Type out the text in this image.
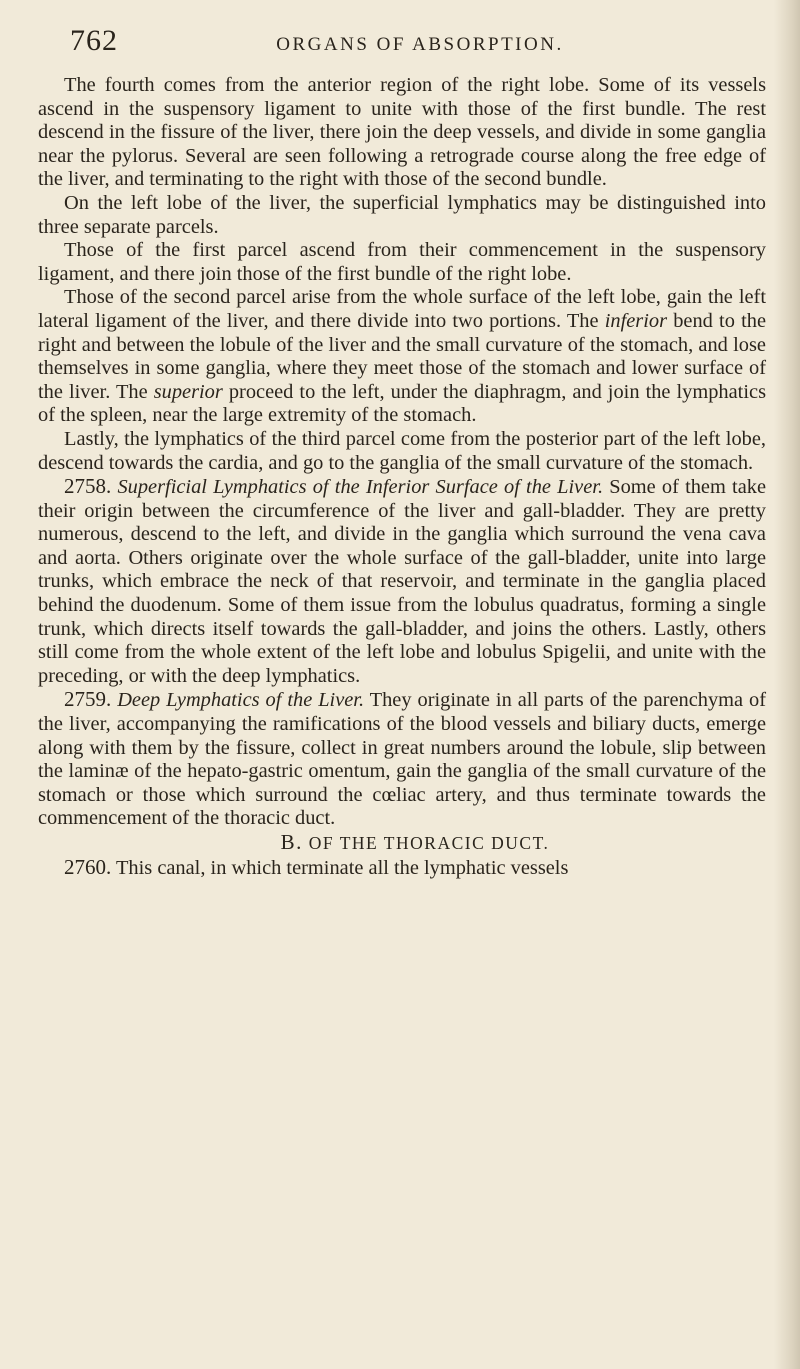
762	ORGANS OF ABSORPTION.

The fourth comes from the anterior region of the right lobe. Some of its vessels ascend in the suspensory ligament to unite with those of the first bundle. The rest descend in the fissure of the liver, there join the deep vessels, and divide in some ganglia near the pylorus. Several are seen following a retrograde course along the free edge of the liver, and terminating to the right with those of the second bundle.

On the left lobe of the liver, the superficial lymphatics may be distinguished into three separate parcels.

Those of the first parcel ascend from their commencement in the suspensory ligament, and there join those of the first bundle of the right lobe.

Those of the second parcel arise from the whole surface of the left lobe, gain the left lateral ligament of the liver, and there divide into two portions. The inferior bend to the right and between the lobule of the liver and the small curvature of the stomach, and lose themselves in some ganglia, where they meet those of the stomach and lower surface of the liver. The superior proceed to the left, under the diaphragm, and join the lymphatics of the spleen, near the large extremity of the stomach.

Lastly, the lymphatics of the third parcel come from the posterior part of the left lobe, descend towards the cardia, and go to the ganglia of the small curvature of the stomach.

2758. Superficial Lymphatics of the Inferior Surface of the Liver. Some of them take their origin between the circumference of the liver and gall-bladder. They are pretty numerous, descend to the left, and divide in the ganglia which surround the vena cava and aorta. Others originate over the whole surface of the gall-bladder, unite into large trunks, which embrace the neck of that reservoir, and terminate in the ganglia placed behind the duodenum. Some of them issue from the lobulus quadratus, forming a single trunk, which directs itself towards the gall-bladder, and joins the others. Lastly, others still come from the whole extent of the left lobe and lobulus Spigelii, and unite with the preceding, or with the deep lymphatics.

2759. Deep Lymphatics of the Liver. They originate in all parts of the parenchyma of the liver, accompanying the ramifications of the blood vessels and biliary ducts, emerge along with them by the fissure, collect in great numbers around the lobule, slip between the laminæ of the hepato-gastric omentum, gain the ganglia of the small curvature of the stomach or those which surround the cœliac artery, and thus terminate towards the commencement of the thoracic duct.

B. OF THE THORACIC DUCT.

2760. This canal, in which terminate all the lymphatic vessels
